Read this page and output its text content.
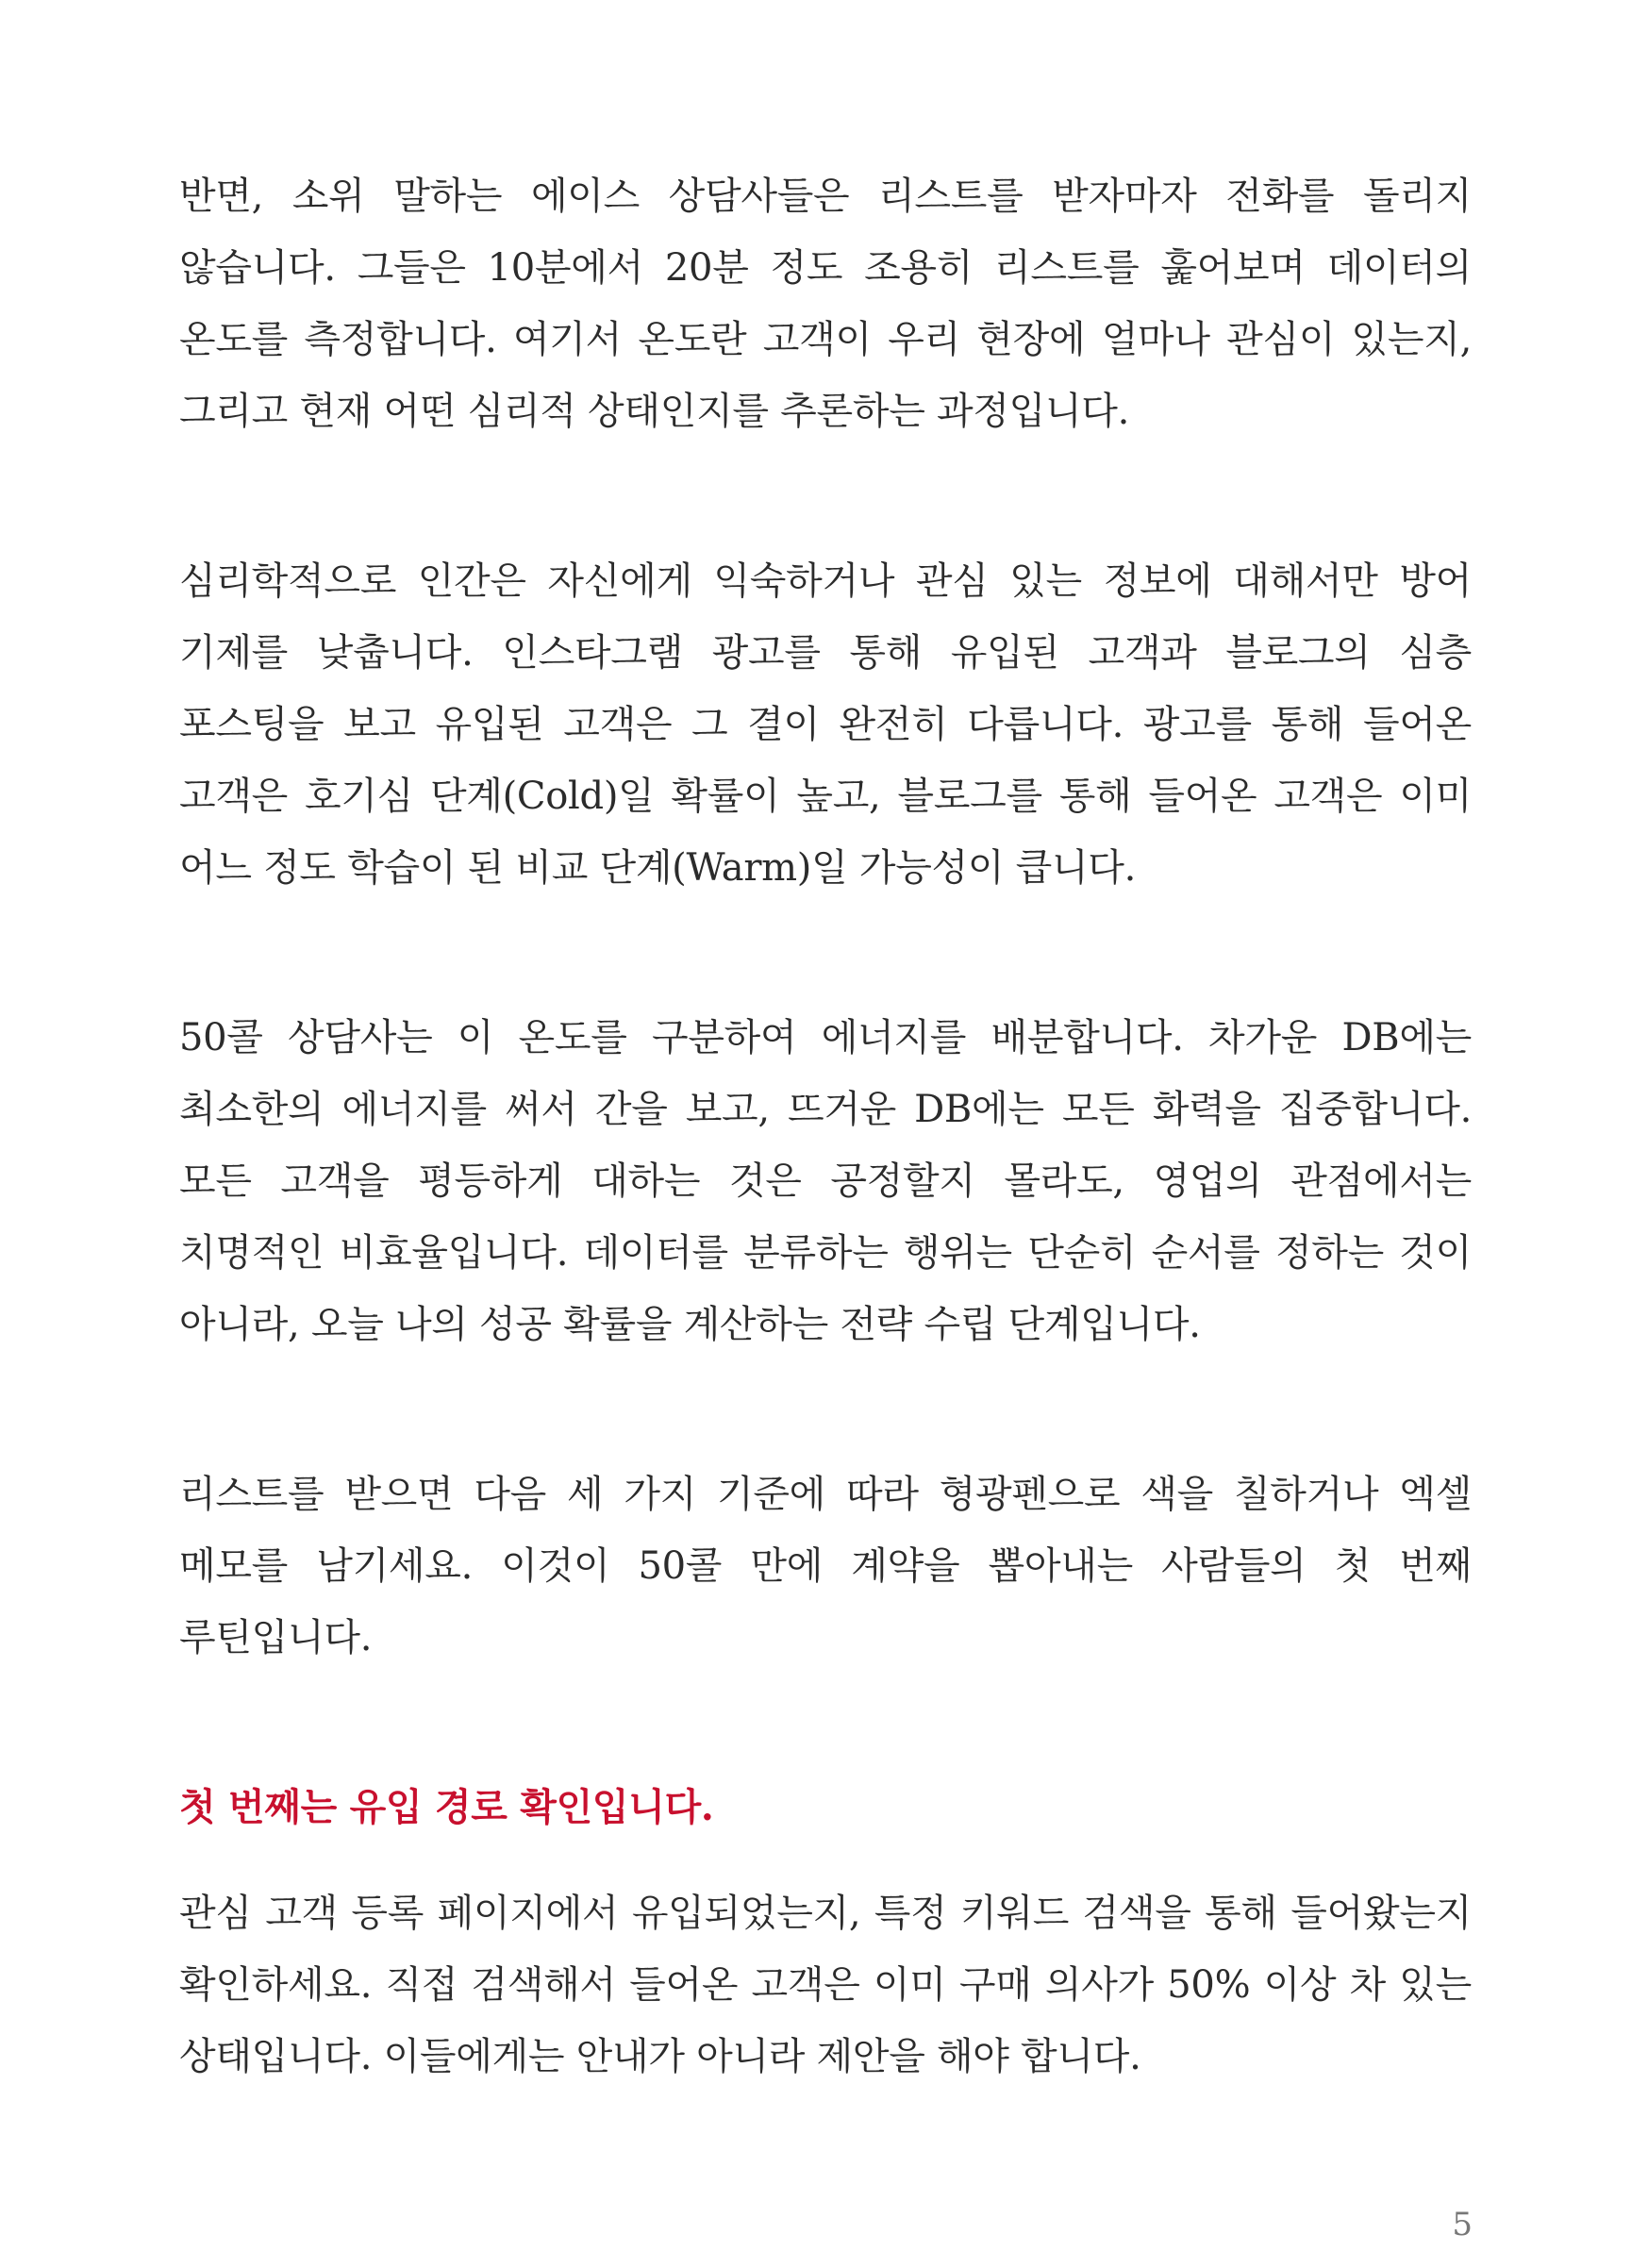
반면, 소위 말하는 에이스 상담사들은 리스트를 받자마자 전화를 돌리지 않습니다. 그들은 10분에서 20분 정도 조용히 리스트를 훑어보며 데이터의 온도를 측정합니다. 여기서 온도란 고객이 우리 현장에 얼마나 관심이 있는지, 그리고 현재 어떤 심리적 상태인지를 추론하는 과정입니다.

심리학적으로 인간은 자신에게 익숙하거나 관심 있는 정보에 대해서만 방어 기제를 낮춥니다. 인스타그램 광고를 통해 유입된 고객과 블로그의 심층 포스팅을 보고 유입된 고객은 그 결이 완전히 다릅니다. 광고를 통해 들어온 고객은 호기심 단계(Cold)일 확률이 높고, 블로그를 통해 들어온 고객은 이미 어느 정도 학습이 된 비교 단계(Warm)일 가능성이 큽니다.

50콜 상담사는 이 온도를 구분하여 에너지를 배분합니다. 차가운 DB에는 최소한의 에너지를 써서 간을 보고, 뜨거운 DB에는 모든 화력을 집중합니다. 모든 고객을 평등하게 대하는 것은 공정할지 몰라도, 영업의 관점에서는 치명적인 비효율입니다. 데이터를 분류하는 행위는 단순히 순서를 정하는 것이 아니라, 오늘 나의 성공 확률을 계산하는 전략 수립 단계입니다.

리스트를 받으면 다음 세 가지 기준에 따라 형광펜으로 색을 칠하거나 엑셀 메모를 남기세요. 이것이 50콜 만에 계약을 뽑아내는 사람들의 첫 번째 루틴입니다.

첫 번째는 유입 경로 확인입니다.

관심 고객 등록 페이지에서 유입되었는지, 특정 키워드 검색을 통해 들어왔는지 확인하세요. 직접 검색해서 들어온 고객은 이미 구매 의사가 50% 이상 차 있는 상태입니다. 이들에게는 안내가 아니라 제안을 해야 합니다.

5
